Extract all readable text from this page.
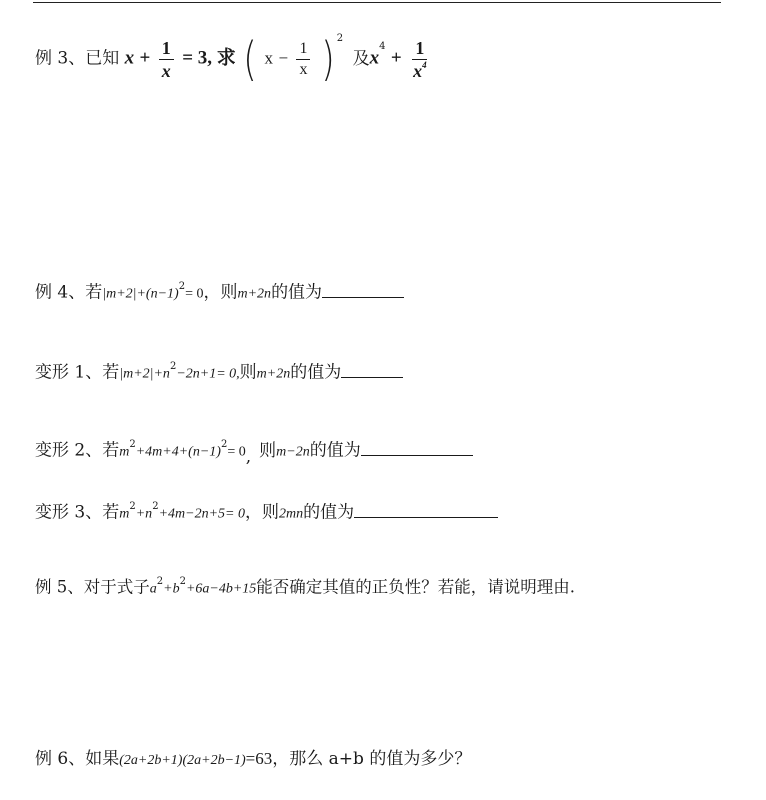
例 3、已知 $x + \frac{1}{x} = 3$, 求 ( $x - \frac{1}{x}$ ) $^2$ 及$x^4 + \frac{1}{x^4}$
例 4、若$|m+2|+(n-1)^2= 0$，则m+2n的值为
变形 1、若$|m+2|+n^2-2n+1= 0$,则m+2n的值为
变形 2、若$m^2+4m+4+(n-1)^2= 0$, 则m−2n的值为
变形 3、若$m^2+n^2+4m-2n+5= 0$，则2mn的值为
例 5、对于式子$a^2+b^2+6a-4b+15$能否确定其值的正负性？若能，请说明理由.
例 6、如果(2a+2b+1)(2a+2b−1)=63，那么 a+b 的值为多少？
